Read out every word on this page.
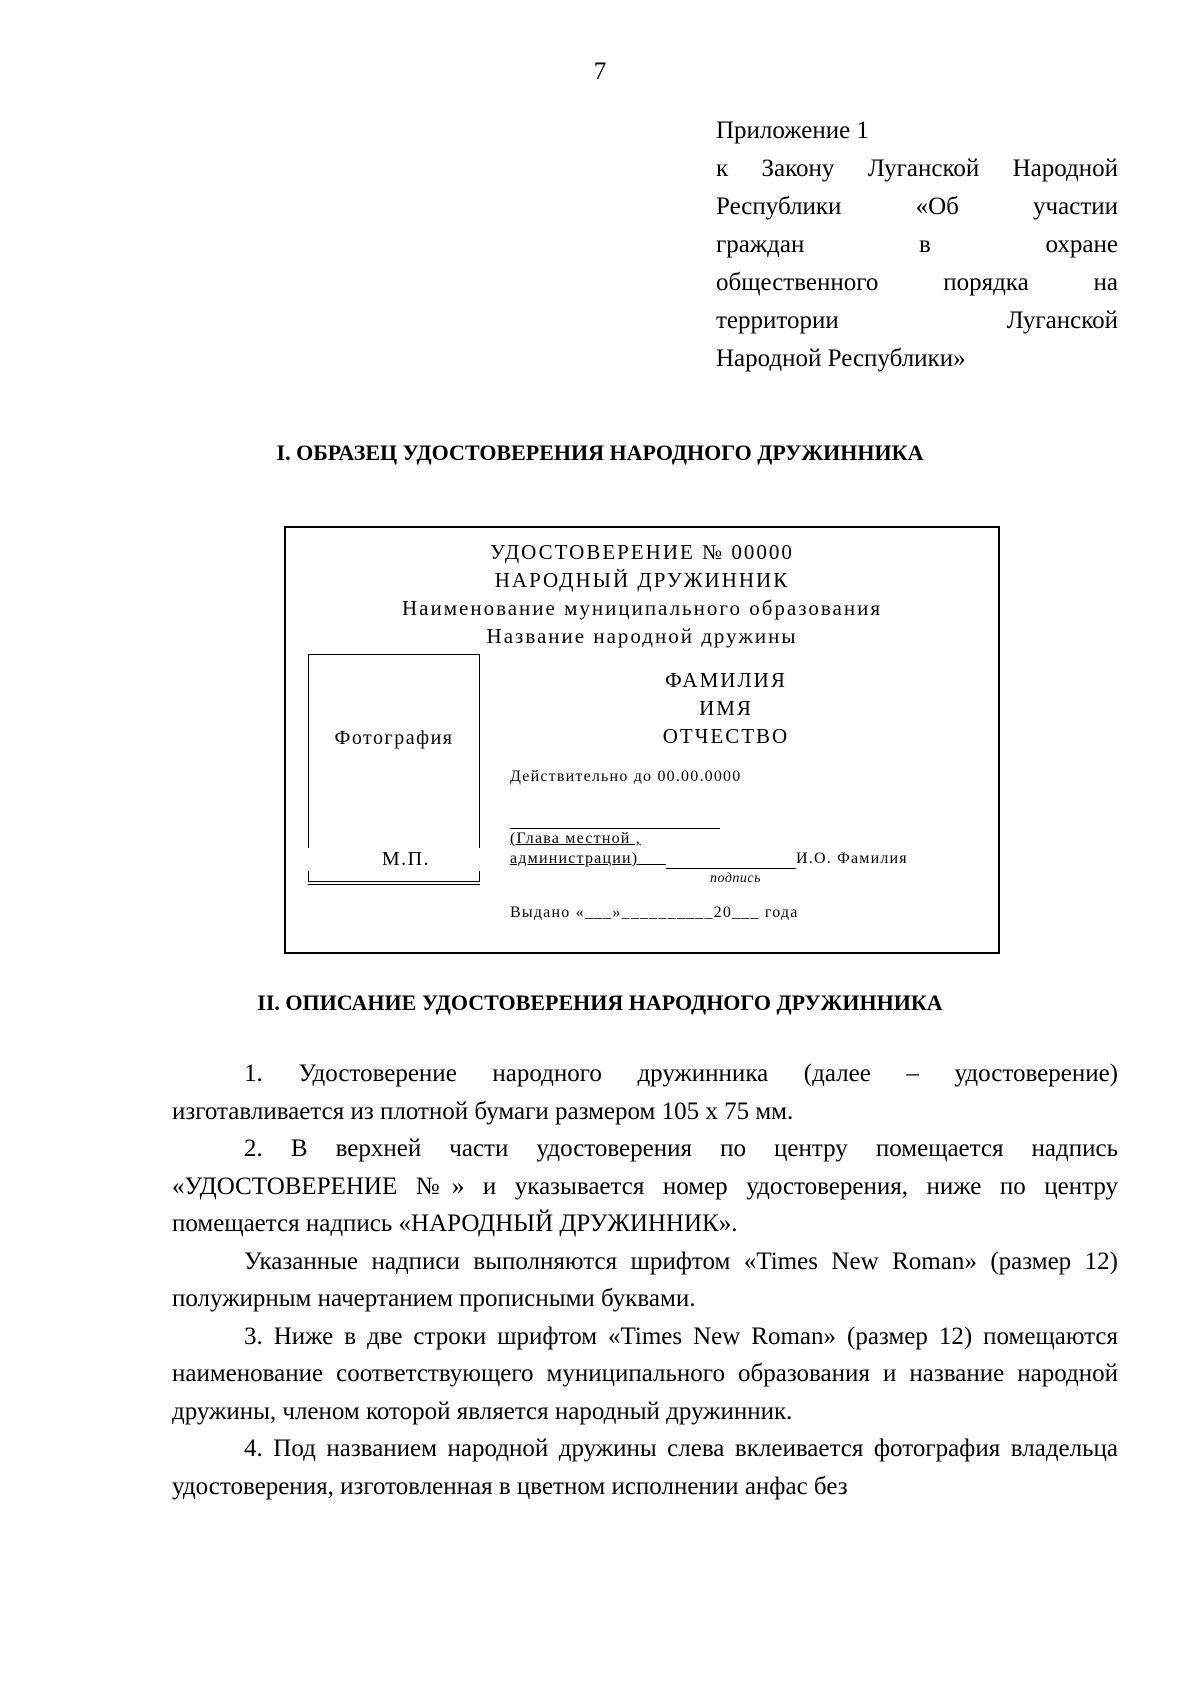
7
Приложение 1
к Закону Луганской Народной
Республики «Об участии
граждан в охране
общественного порядка на
территории Луганской
Народной Республики»
I. ОБРАЗЕЦ УДОСТОВЕРЕНИЯ НАРОДНОГО ДРУЖИННИКА
УДОСТОВЕРЕНИЕ № 00000
НАРОДНЫЙ ДРУЖИННИК
Наименование муниципального образования
Название народной дружины
Фотография
М.П.
ФАМИЛИЯ
ИМЯ
ОТЧЕСТВО
Действительно до 00.00.0000
(Глава местной ,
администрации)___	И.О. Фамилия
подпись
Выдано «___»__________20___ года
II. ОПИСАНИЕ УДОСТОВЕРЕНИЯ НАРОДНОГО ДРУЖИННИКА

1. Удостоверение народного дружинника (далее – удостоверение) изготавливается из плотной бумаги размером 105 х 75 мм.

2. В верхней части удостоверения по центру помещается надпись «УДОСТОВЕРЕНИЕ №» и указывается номер удостоверения, ниже по центру помещается надпись «НАРОДНЫЙ ДРУЖИННИК».

Указанные надписи выполняются шрифтом «Times New Roman» (размер 12) полужирным начертанием прописными буквами.

3. Ниже в две строки шрифтом «Times New Roman» (размер 12) помещаются наименование соответствующего муниципального образования и название народной дружины, членом которой является народный дружинник.

4. Под названием народной дружины слева вклеивается фотография владельца удостоверения, изготовленная в цветном исполнении анфас без
